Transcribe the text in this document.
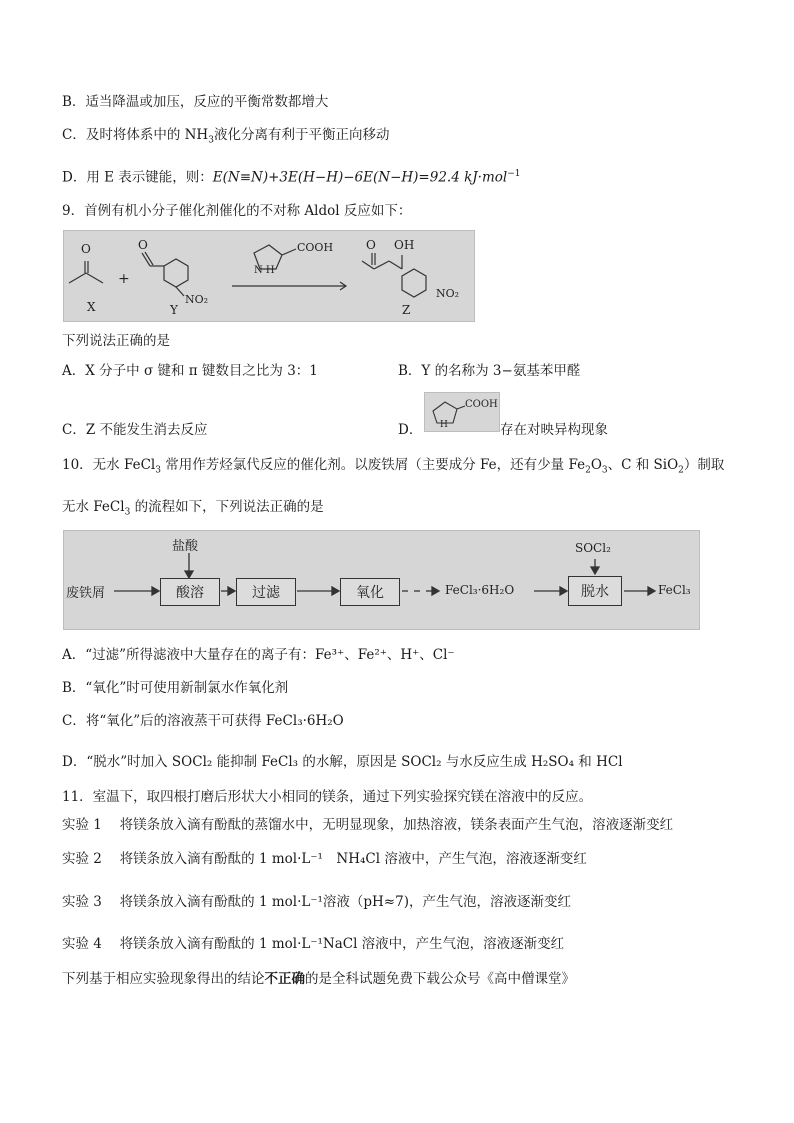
B．适当降温或加压，反应的平衡常数都增大
C．及时将体系中的 $NH_3$液化分离有利于平衡正向移动
D．用 E 表示键能，则：E(N≡N)+3E(H−H)−6E(N−H)=92.4 kJ·mol$^{-1}$
9．首例有机小分子催化剂催化的不对称 Aldol 反应如下：
O
X
+
O
NO₂
Y
N H
COOH	O OH
NO₂
Z
下列说法正确的是
A．X 分子中 σ 键和 π 键数目之比为 3：1	B．Y 的名称为 3−氨基苯甲醛
C．Z 不能发生消去反应	D．
COOH
H	存在对映异构现象
10．无水 FeCl$_3$ 常用作芳烃氯代反应的催化剂。以废铁屑（主要成分 Fe，还有少量 $Fe_2O_3$、C 和 SiO$_2$）制取
无水 FeCl$_3$ 的流程如下，下列说法正确的是
废铁屑
盐酸
酸溶	过滤	氧化	FeCl₃·6H₂O
SOCl₂
脱水	FeCl₃
A．“过滤”所得滤液中大量存在的离子有：Fe³⁺、Fe²⁺、H⁺、Cl⁻
B．“氧化”时可使用新制氯水作氧化剂
C．将“氧化”后的溶液蒸干可获得 FeCl₃·6H₂O
D．“脱水”时加入 SOCl₂ 能抑制 FeCl₃ 的水解，原因是 SOCl₂ 与水反应生成 H₂SO₄ 和 HCl
11．室温下，取四根打磨后形状大小相同的镁条，通过下列实验探究镁在溶液中的反应。
实验 1　 将镁条放入滴有酚酞的蒸馏水中，无明显现象，加热溶液，镁条表面产生气泡，溶液逐渐变红
实验 2　 将镁条放入滴有酚酞的 1 mol·L⁻¹　NH₄Cl 溶液中，产生气泡，溶液逐渐变红
实验 3　 将镁条放入滴有酚酞的 1 mol·L⁻¹溶液（pH≈7)，产生气泡，溶液逐渐变红
实验 4　 将镁条放入滴有酚酞的 1 mol·L⁻¹NaCl 溶液中，产生气泡，溶液逐渐变红
下列基于相应实验现象得出的结论不正确的是全科试题免费下载公众号《高中僧课堂》
